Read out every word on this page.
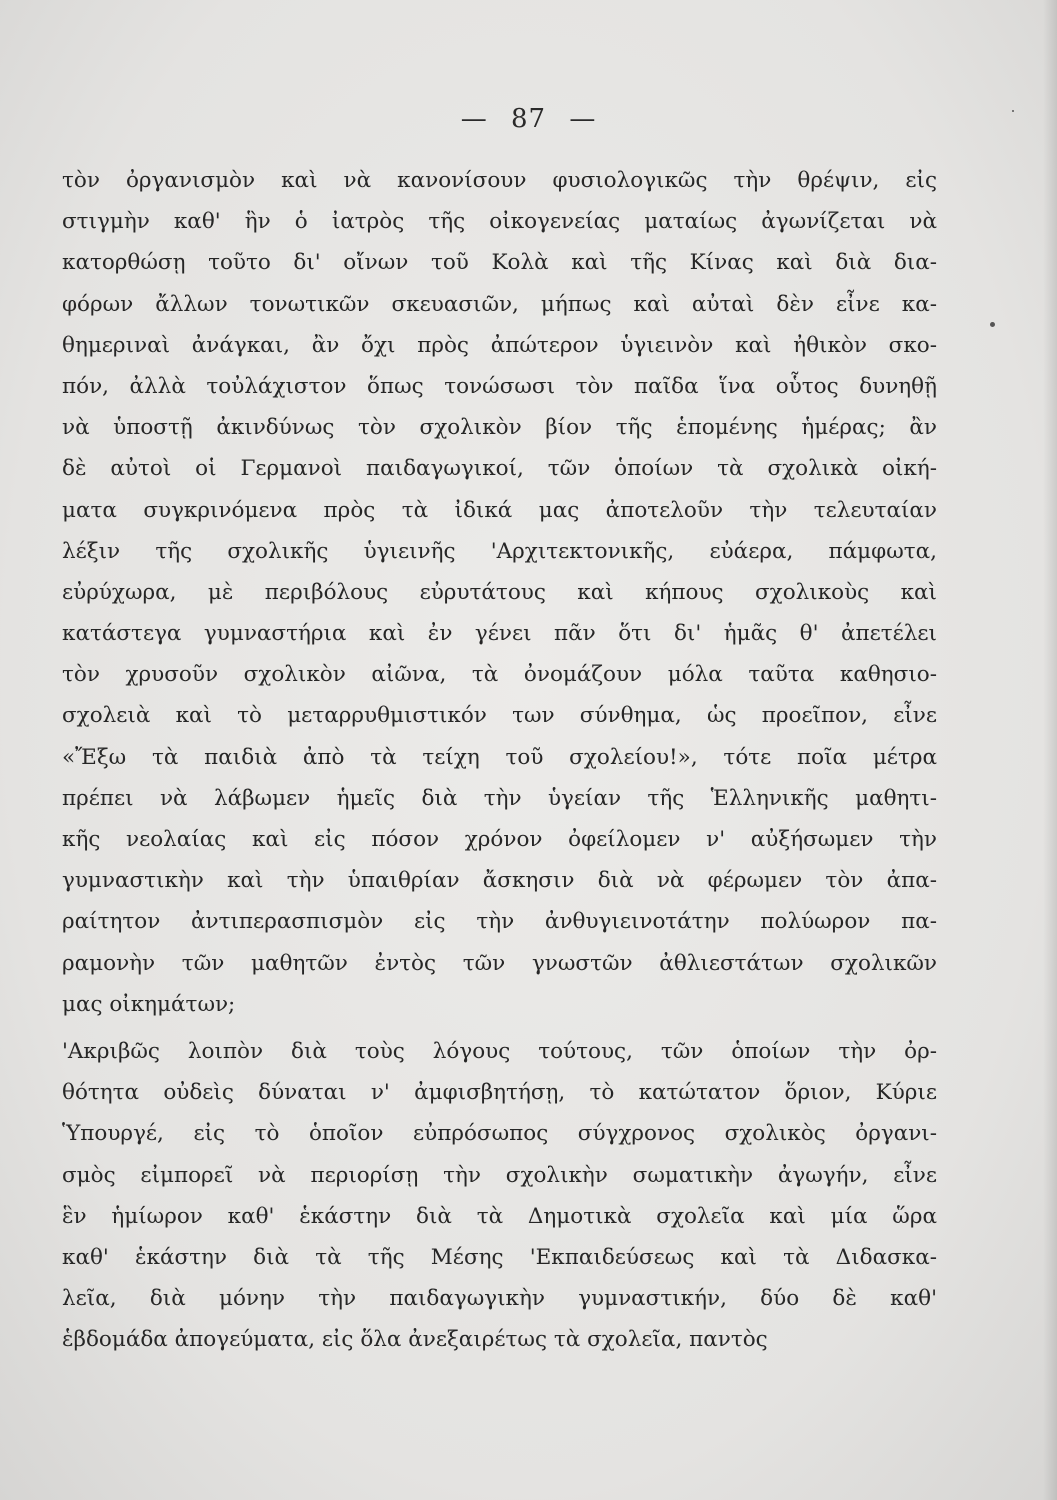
— 87 —
τὸν ὀργανισμὸν καὶ νὰ κανονίσουν φυσιολογικῶς τὴν θρέψιν, εἰς
στιγμὴν καθ' ἣν ὁ ἰατρὸς τῆς οἰκογενείας ματαίως ἀγωνίζεται νὰ
κατορθώσῃ τοῦτο δι' οἴνων τοῦ Κολὰ καὶ τῆς Κίνας καὶ διὰ δια-
φόρων ἄλλων τονωτικῶν σκευασιῶν, μήπως καὶ αὐταὶ δὲν εἶνε κα-
θημεριναὶ ἀνάγκαι, ἂν ὄχι πρὸς ἀπώτερον ὑγιεινὸν καὶ ἠθικὸν σκο-
πόν, ἀλλὰ τοὐλάχιστον ὅπως τονώσωσι τὸν παῖδα ἵνα οὗτος δυνηθῇ
νὰ ὑποστῇ ἀκινδύνως τὸν σχολικὸν βίον τῆς ἑπομένης ἡμέρας; ἂν
δὲ αὐτοὶ οἱ Γερμανοὶ παιδαγωγικοί, τῶν ὁποίων τὰ σχολικὰ οἰκή-
ματα συγκρινόμενα πρὸς τὰ ἰδικά μας ἀποτελοῦν τὴν τελευταίαν
λέξιν τῆς σχολικῆς ὑγιεινῆς 'Αρχιτεκτονικῆς, εὐάερα, πάμφωτα,
εὐρύχωρα, μὲ περιβόλους εὐρυτάτους καὶ κήπους σχολικοὺς καὶ
κατάστεγα γυμναστήρια καὶ ἐν γένει πᾶν ὅτι δι' ἡμᾶς θ' ἀπετέλει
τὸν χρυσοῦν σχολικὸν αἰῶνα, τὰ ὀνομάζουν μόλα ταῦτα καθησιο-
σχολειὰ καὶ τὸ μεταρρυθμιστικόν των σύνθημα, ὡς προεῖπον, εἶνε
«Ἔξω τὰ παιδιὰ ἀπὸ τὰ τείχη τοῦ σχολείου!», τότε ποῖα μέτρα
πρέπει νὰ λάβωμεν ἡμεῖς διὰ τὴν ὑγείαν τῆς Ἑλληνικῆς μαθητι-
κῆς νεολαίας καὶ εἰς πόσον χρόνον ὀφείλομεν ν' αὐξήσωμεν τὴν
γυμναστικὴν καὶ τὴν ὑπαιθρίαν ἄσκησιν διὰ νὰ φέρωμεν τὸν ἀπα-
ραίτητον ἀντιπερασπισμὸν εἰς τὴν ἀνθυγιεινοτάτην πολύωρον πα-
ραμονὴν τῶν μαθητῶν ἐντὸς τῶν γνωστῶν ἀθλιεστάτων σχολικῶν
μας οἰκημάτων;
'Ακριβῶς λοιπὸν διὰ τοὺς λόγους τούτους, τῶν ὁποίων τὴν ὀρ-
θότητα οὐδεὶς δύναται ν' ἀμφισβητήσῃ, τὸ κατώτατον ὅριον, Κύριε
Ὑπουργέ, εἰς τὸ ὁποῖον εὐπρόσωπος σύγχρονος σχολικὸς ὀργανι-
σμὸς εἰμπορεῖ νὰ περιορίσῃ τὴν σχολικὴν σωματικὴν ἀγωγήν, εἶνε
ἓν ἡμίωρον καθ' ἑκάστην διὰ τὰ Δημοτικὰ σχολεῖα καὶ μία ὥρα
καθ' ἑκάστην διὰ τὰ τῆς Μέσης 'Εκπαιδεύσεως καὶ τὰ Διδασκα-
λεῖα, διὰ μόνην τὴν παιδαγωγικὴν γυμναστικήν, δύο δὲ καθ'
ἑβδομάδα ἀπογεύματα, εἰς ὅλα ἀνεξαιρέτως τὰ σχολεῖα, παντὸς
